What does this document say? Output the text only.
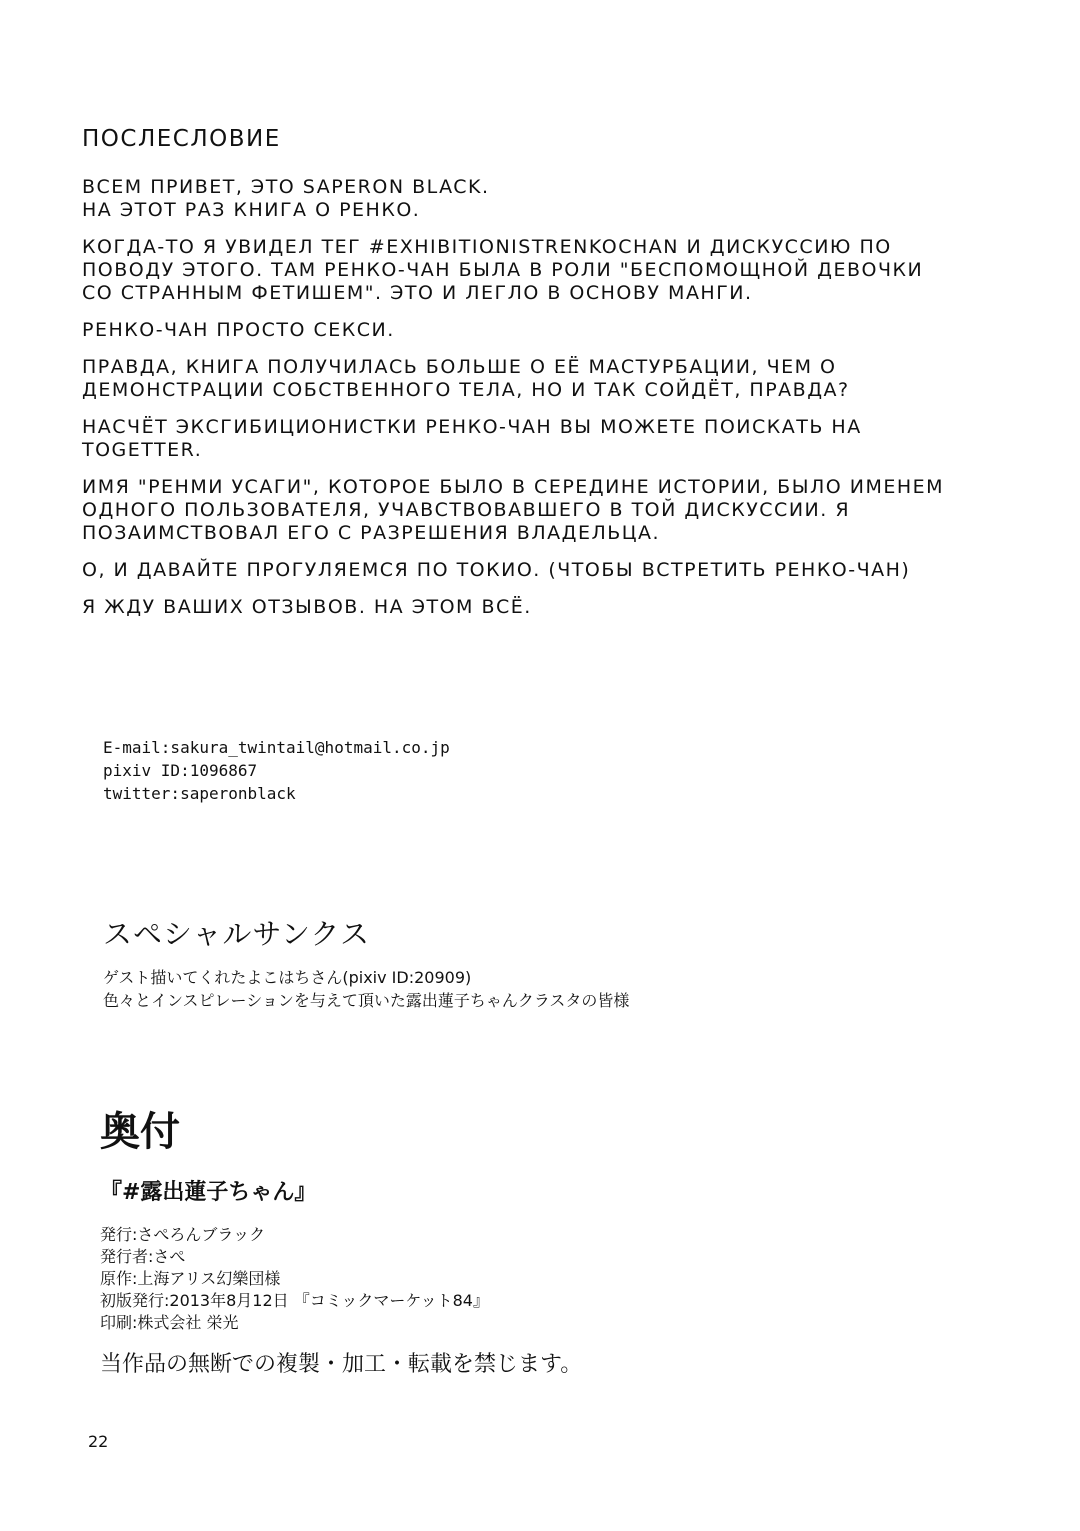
ПОСЛЕСЛОВИЕ

ВСЕМ ПРИВЕТ, ЭТО SAPERON BLACK.
НА ЭТОТ РАЗ КНИГА О РЕНКО.

КОГДА-ТО Я УВИДЕЛ ТЕГ #EXHIBITIONISTRENKOCHAN И ДИСКУССИЮ ПО
ПОВОДУ ЭТОГО. ТАМ РЕНКО-ЧАН БЫЛА В РОЛИ "БЕСПОМОЩНОЙ ДЕВОЧКИ
СО СТРАННЫМ ФЕТИШЕМ". ЭТО И ЛЕГЛО В ОСНОВУ МАНГИ.

РЕНКО-ЧАН ПРОСТО СЕКСИ.

ПРАВДА, КНИГА ПОЛУЧИЛАСЬ БОЛЬШЕ О ЕЁ МАСТУРБАЦИИ, ЧЕМ О
ДЕМОНСТРАЦИИ СОБСТВЕННОГО ТЕЛА, НО И ТАК СОЙДЁТ, ПРАВДА?

НАСЧЁТ ЭКСГИБИЦИОНИСТКИ РЕНКО-ЧАН ВЫ МОЖЕТЕ ПОИСКАТЬ НА
TOGETTER.

ИМЯ "РЕНМИ УСАГИ", КОТОРОЕ БЫЛО В СЕРЕДИНЕ ИСТОРИИ, БЫЛО ИМЕНЕМ
ОДНОГО ПОЛЬЗОВАТЕЛЯ, УЧАВСТВОВАВШЕГО В ТОЙ ДИСКУССИИ. Я
ПОЗАИМСТВОВАЛ ЕГО С РАЗРЕШЕНИЯ ВЛАДЕЛЬЦА.

О, И ДАВАЙТЕ ПРОГУЛЯЕМСЯ ПО ТОКИО. (ЧТОБЫ ВСТРЕТИТЬ РЕНКО-ЧАН)

Я ЖДУ ВАШИХ ОТЗЫВОВ. НА ЭТОМ ВСЁ.

E-mail:sakura_twintail@hotmail.co.jp
pixiv ID:1096867
twitter:saperonblack
スペシャルサンクス
ゲスト描いてくれたよこはちさん(pixiv ID:20909)
色々とインスピレーションを与えて頂いた露出蓮子ちゃんクラスタの皆様
奥付
『#露出蓮子ちゃん』
発行:さぺろんブラック
発行者:さぺ
原作:上海アリス幻樂団様
初版発行:2013年8月12日 『コミックマーケット84』
印刷:株式会社 栄光
当作品の無断での複製・加工・転載を禁じます。
22
